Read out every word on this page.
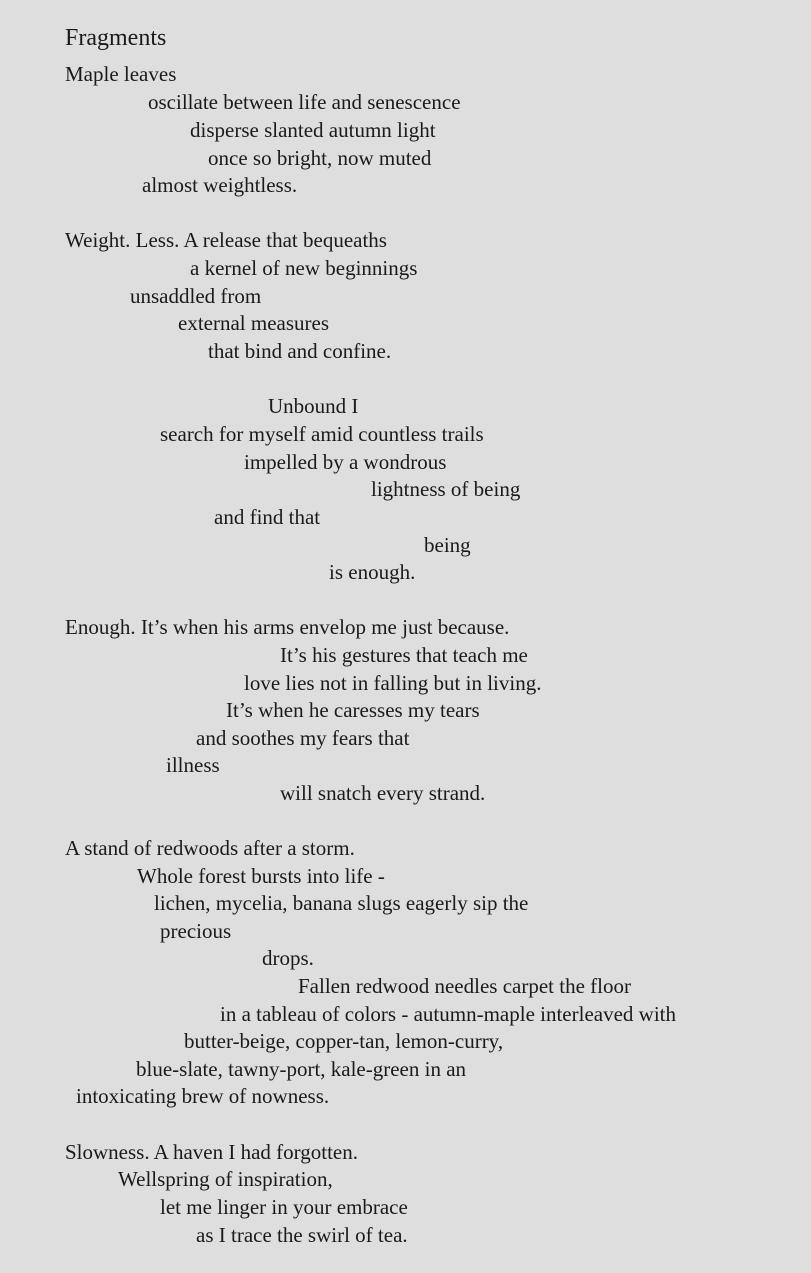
Fragments
Maple leaves
oscillate between life and senescence
disperse slanted autumn light
once so bright, now muted
almost weightless.
Weight. Less. A release that bequeaths
a kernel of new beginnings
unsaddled from
external measures
that bind and confine.
Unbound I
search for myself amid countless trails
impelled by a wondrous
lightness of being
and find that
being
is enough.
Enough. It’s when his arms envelop me just because.
It’s his gestures that teach me
love lies not in falling but in living.
It’s when he caresses my tears
and soothes my fears that
illness
will snatch every strand.
A stand of redwoods after a storm.
Whole forest bursts into life -
lichen, mycelia, banana slugs eagerly sip the
precious
drops.
Fallen redwood needles carpet the floor
in a tableau of colors - autumn-maple interleaved with
butter-beige, copper-tan, lemon-curry,
blue-slate, tawny-port, kale-green in an
intoxicating brew of nowness.
Slowness. A haven I had forgotten.
Wellspring of inspiration,
let me linger in your embrace
as I trace the swirl of tea.
